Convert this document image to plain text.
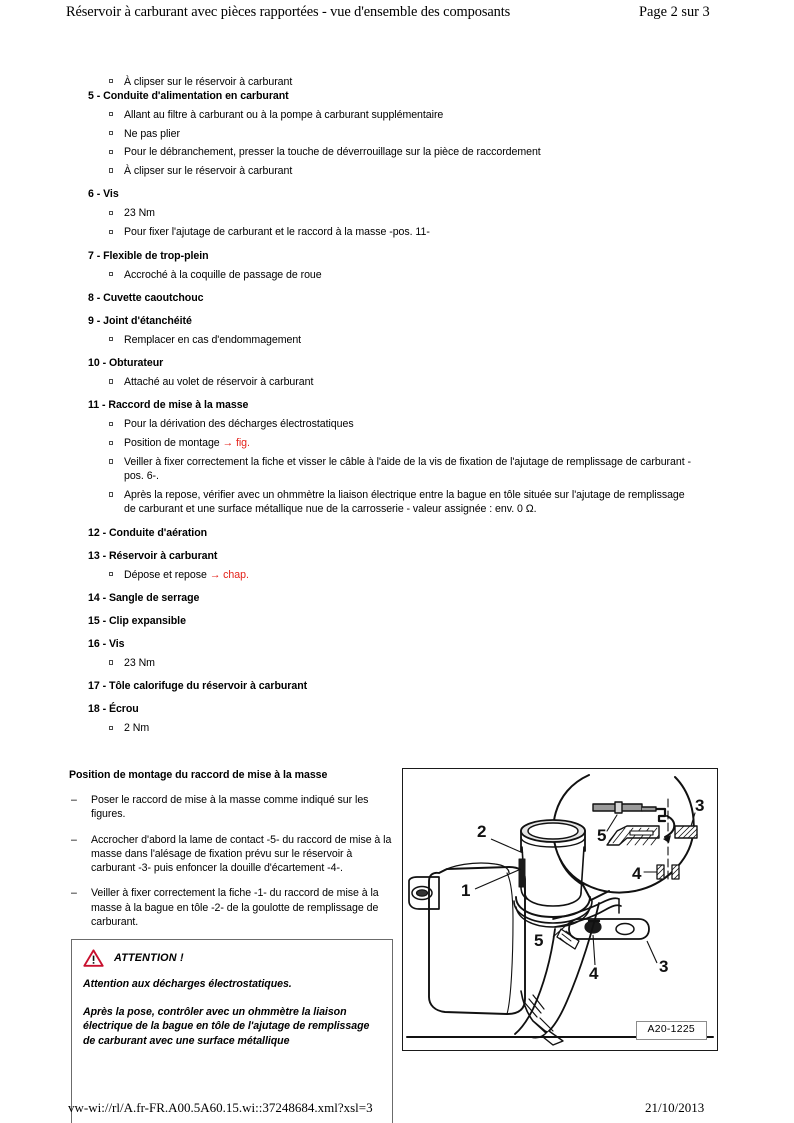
Réservoir à carburant avec pièces rapportées - vue d'ensemble des composants	Page 2 sur 3
À clipser sur le réservoir à carburant
5 - Conduite d'alimentation en carburant
Allant au filtre à carburant ou à la pompe à carburant supplémentaire
Ne pas plier
Pour le débranchement, presser la touche de déverrouillage sur la pièce de raccordement
À clipser sur le réservoir à carburant
6 - Vis
23 Nm
Pour fixer l'ajutage de carburant et le raccord à la masse -pos. 11-
7 - Flexible de trop-plein
Accroché à la coquille de passage de roue
8 - Cuvette caoutchouc
9 - Joint d'étanchéité
Remplacer en cas d'endommagement
10 - Obturateur
Attaché au volet de réservoir à carburant
11 - Raccord de mise à la masse
Pour la dérivation des décharges électrostatiques
Position de montage → fig.
Veiller à fixer correctement la fiche et visser le câble à l'aide de la vis de fixation de l'ajutage de remplissage de carburant -pos. 6-.
Après la repose, vérifier avec un ohmmètre la liaison électrique entre la bague en tôle située sur l'ajutage de remplissage de carburant et une surface métallique nue de la carrosserie - valeur assignée : env. 0 Ω.
12 - Conduite d'aération
13 - Réservoir à carburant
Dépose et repose → chap.
14 - Sangle de serrage
15 - Clip expansible
16 - Vis
23 Nm
17 - Tôle calorifuge du réservoir à carburant
18 - Écrou
2 Nm
Position de montage du raccord de mise à la masse
– Poser le raccord de mise à la masse comme indiqué sur les figures.
– Accrocher d'abord la lame de contact -5- du raccord de mise à la masse dans l'alésage de fixation prévu sur le réservoir à carburant -3- puis enfoncer la douille d'écartement -4-.
– Veiller à fixer correctement la fiche -1- du raccord de mise à la masse à la bague en tôle -2- de la goulotte de remplissage de carburant.
ATTENTION !
Attention aux décharges électrostatiques.
Après la pose, contrôler avec un ohmmètre la liaison électrique de la bague en tôle de l'ajutage de remplissage de carburant avec une surface métallique
1
2
3
4
5
3
4
5
A20-1225
vw-wi://rl/A.fr-FR.A00.5A60.15.wi::37248684.xml?xsl=3	21/10/2013
